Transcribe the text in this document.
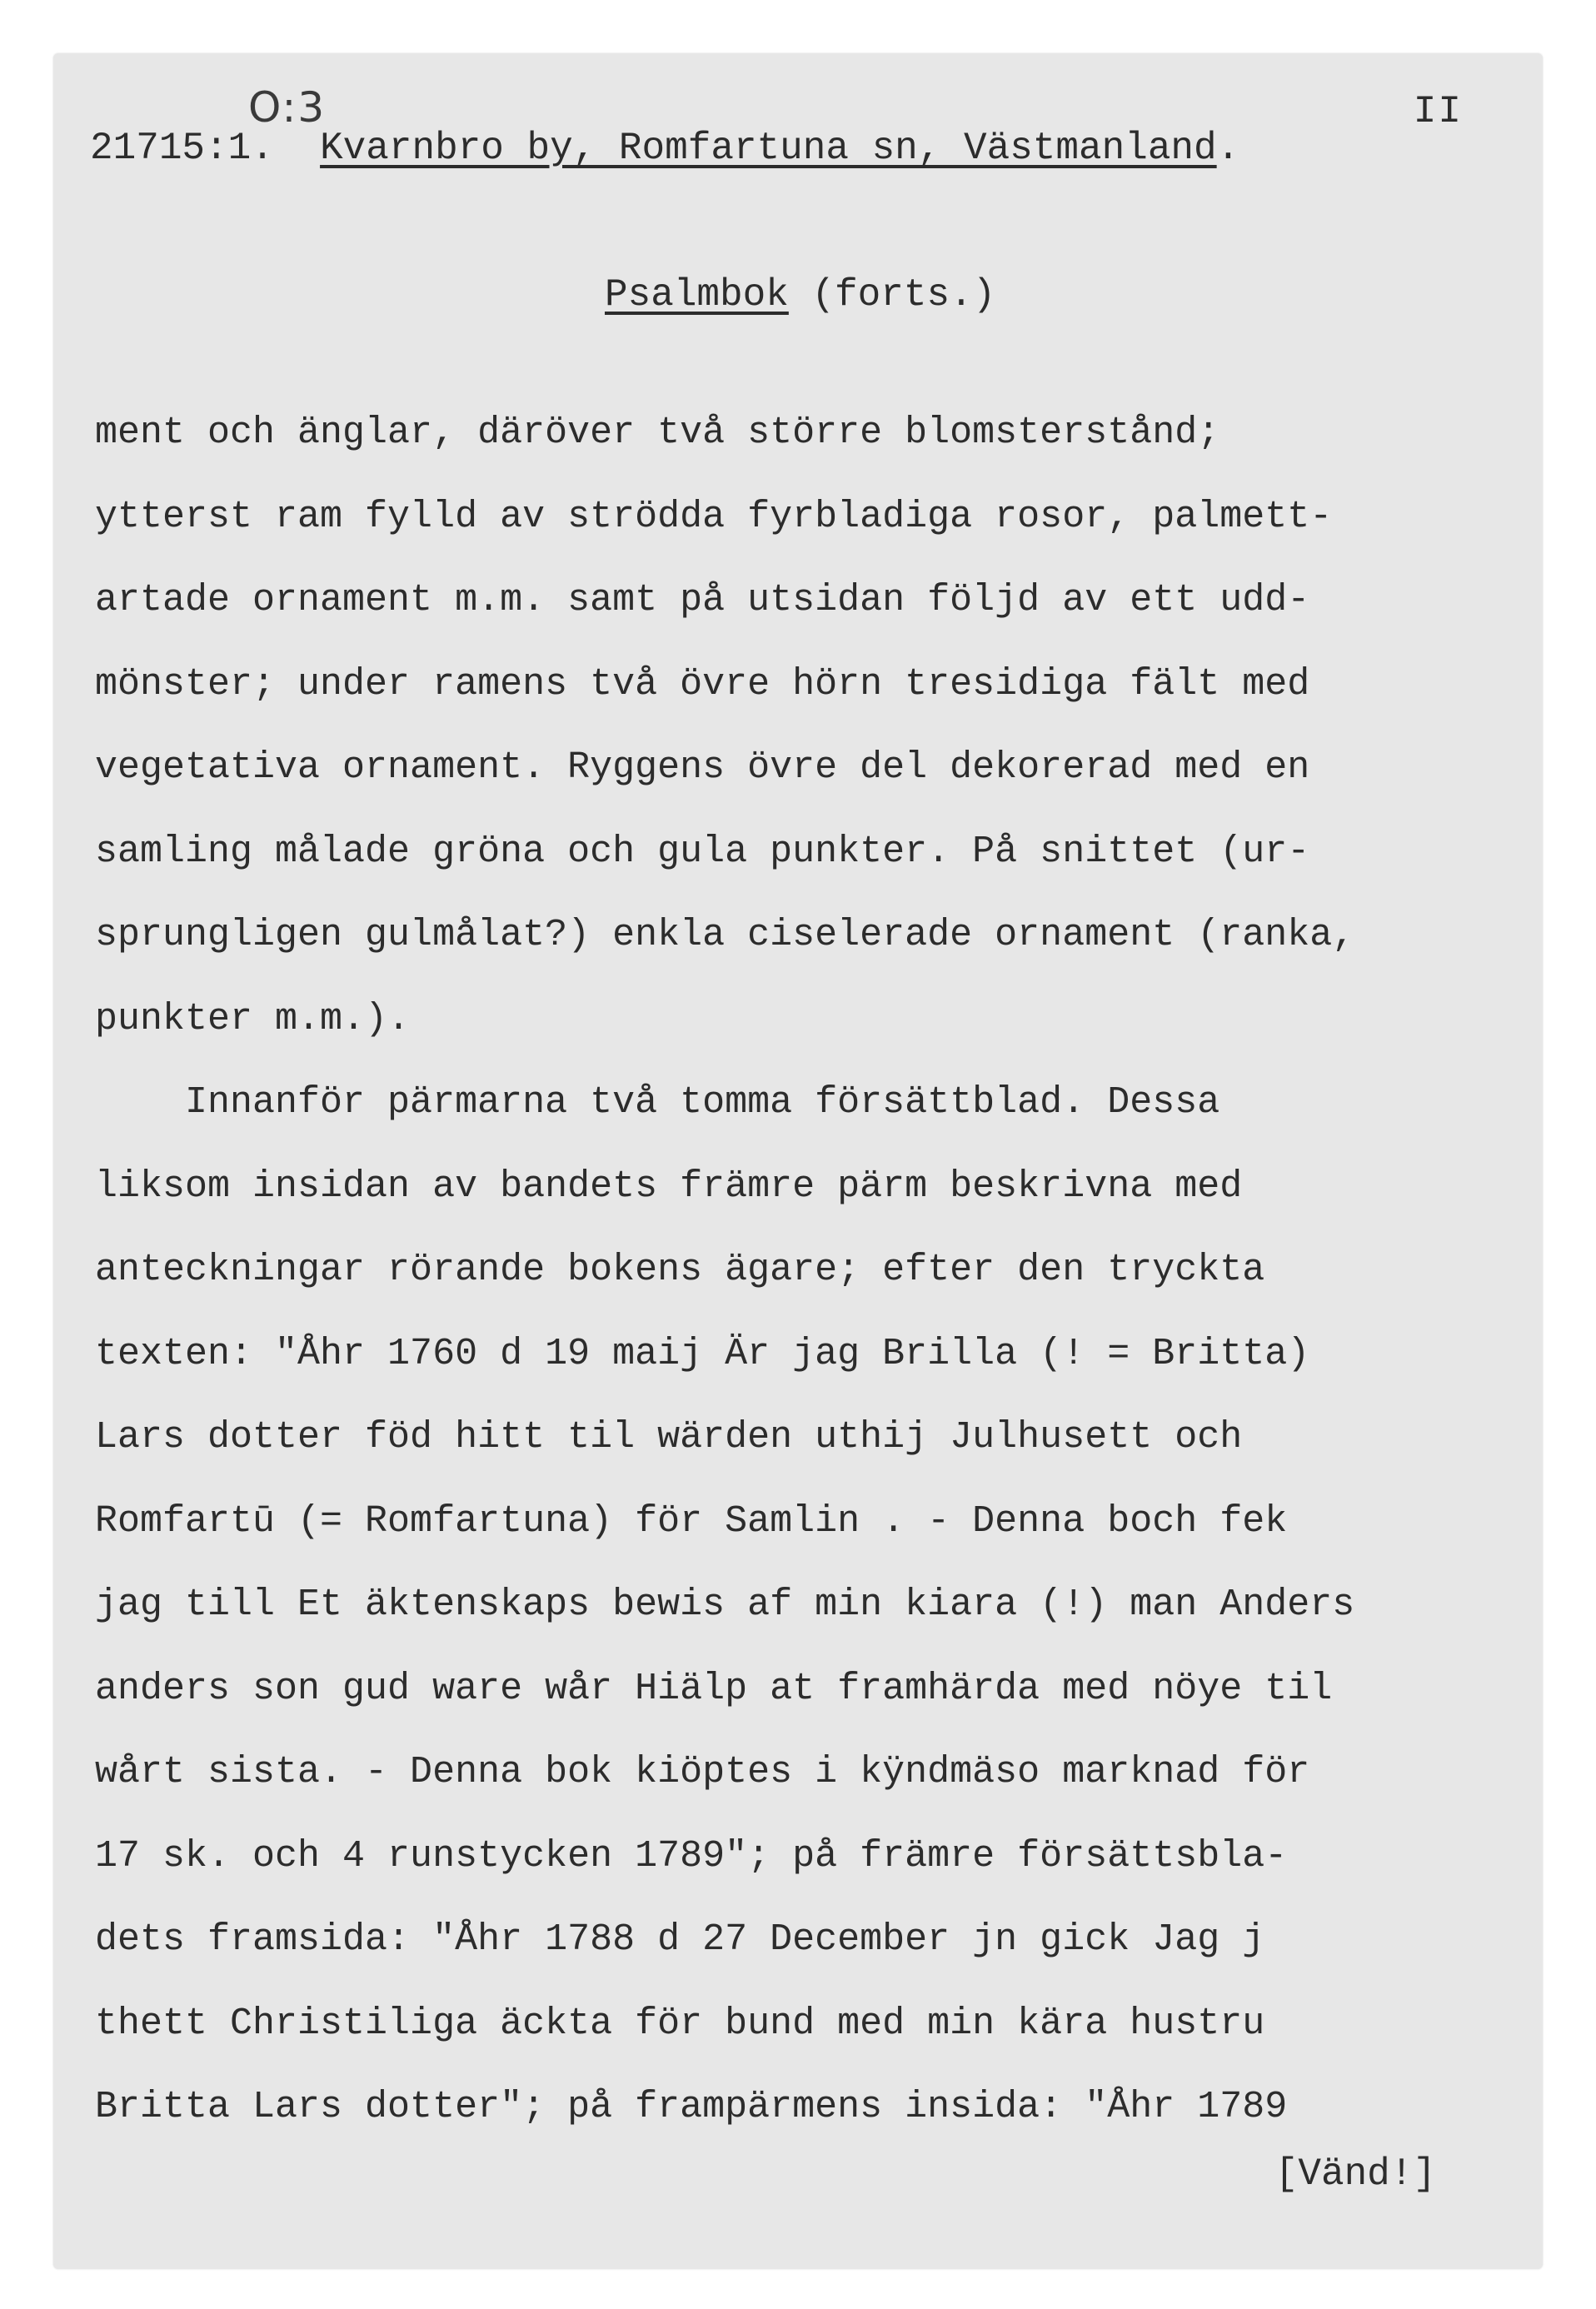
O:3	II
21715:1. Kvarnbro by, Romfartuna sn, Västmanland.
Psalmbok (forts.)
ment och änglar, däröver två större blomsterstånd;
ytterst ram fylld av strödda fyrbladiga rosor, palmett-
artade ornament m.m. samt på utsidan följd av ett udd-
mönster; under ramens två övre hörn tresidiga fält med
vegetativa ornament. Ryggens övre del dekorerad med en
samling målade gröna och gula punkter. På snittet (ur-
sprungligen gulmålat?) enkla ciselerade ornament (ranka,
punkter m.m.).
Innanför pärmarna två tomma försättblad. Dessa
liksom insidan av bandets främre pärm beskrivna med
anteckningar rörande bokens ägare; efter den tryckta
texten: "Åhr 1760 d 19 maij Är jag Brilla (! = Britta)
Lars dotter föd hitt til wärden uthij Julhusett och
Romfartū (= Romfartuna) för Samlin . - Denna boch fek
jag till Et äktenskaps bewis af min kiara (!) man Anders
anders son gud ware wår Hiälp at framhärda med nöye til
wårt sista. - Denna bok kiöptes i kÿndmäso marknad för
17 sk. och 4 runstycken 1789"; på främre försättsbla-
dets framsida: "Åhr 1788 d 27 December jn gick Jag j
thett Christiliga äckta för bund med min kära hustru
Britta Lars dotter"; på frampärmens insida: "Åhr 1789
[Vänd!]
